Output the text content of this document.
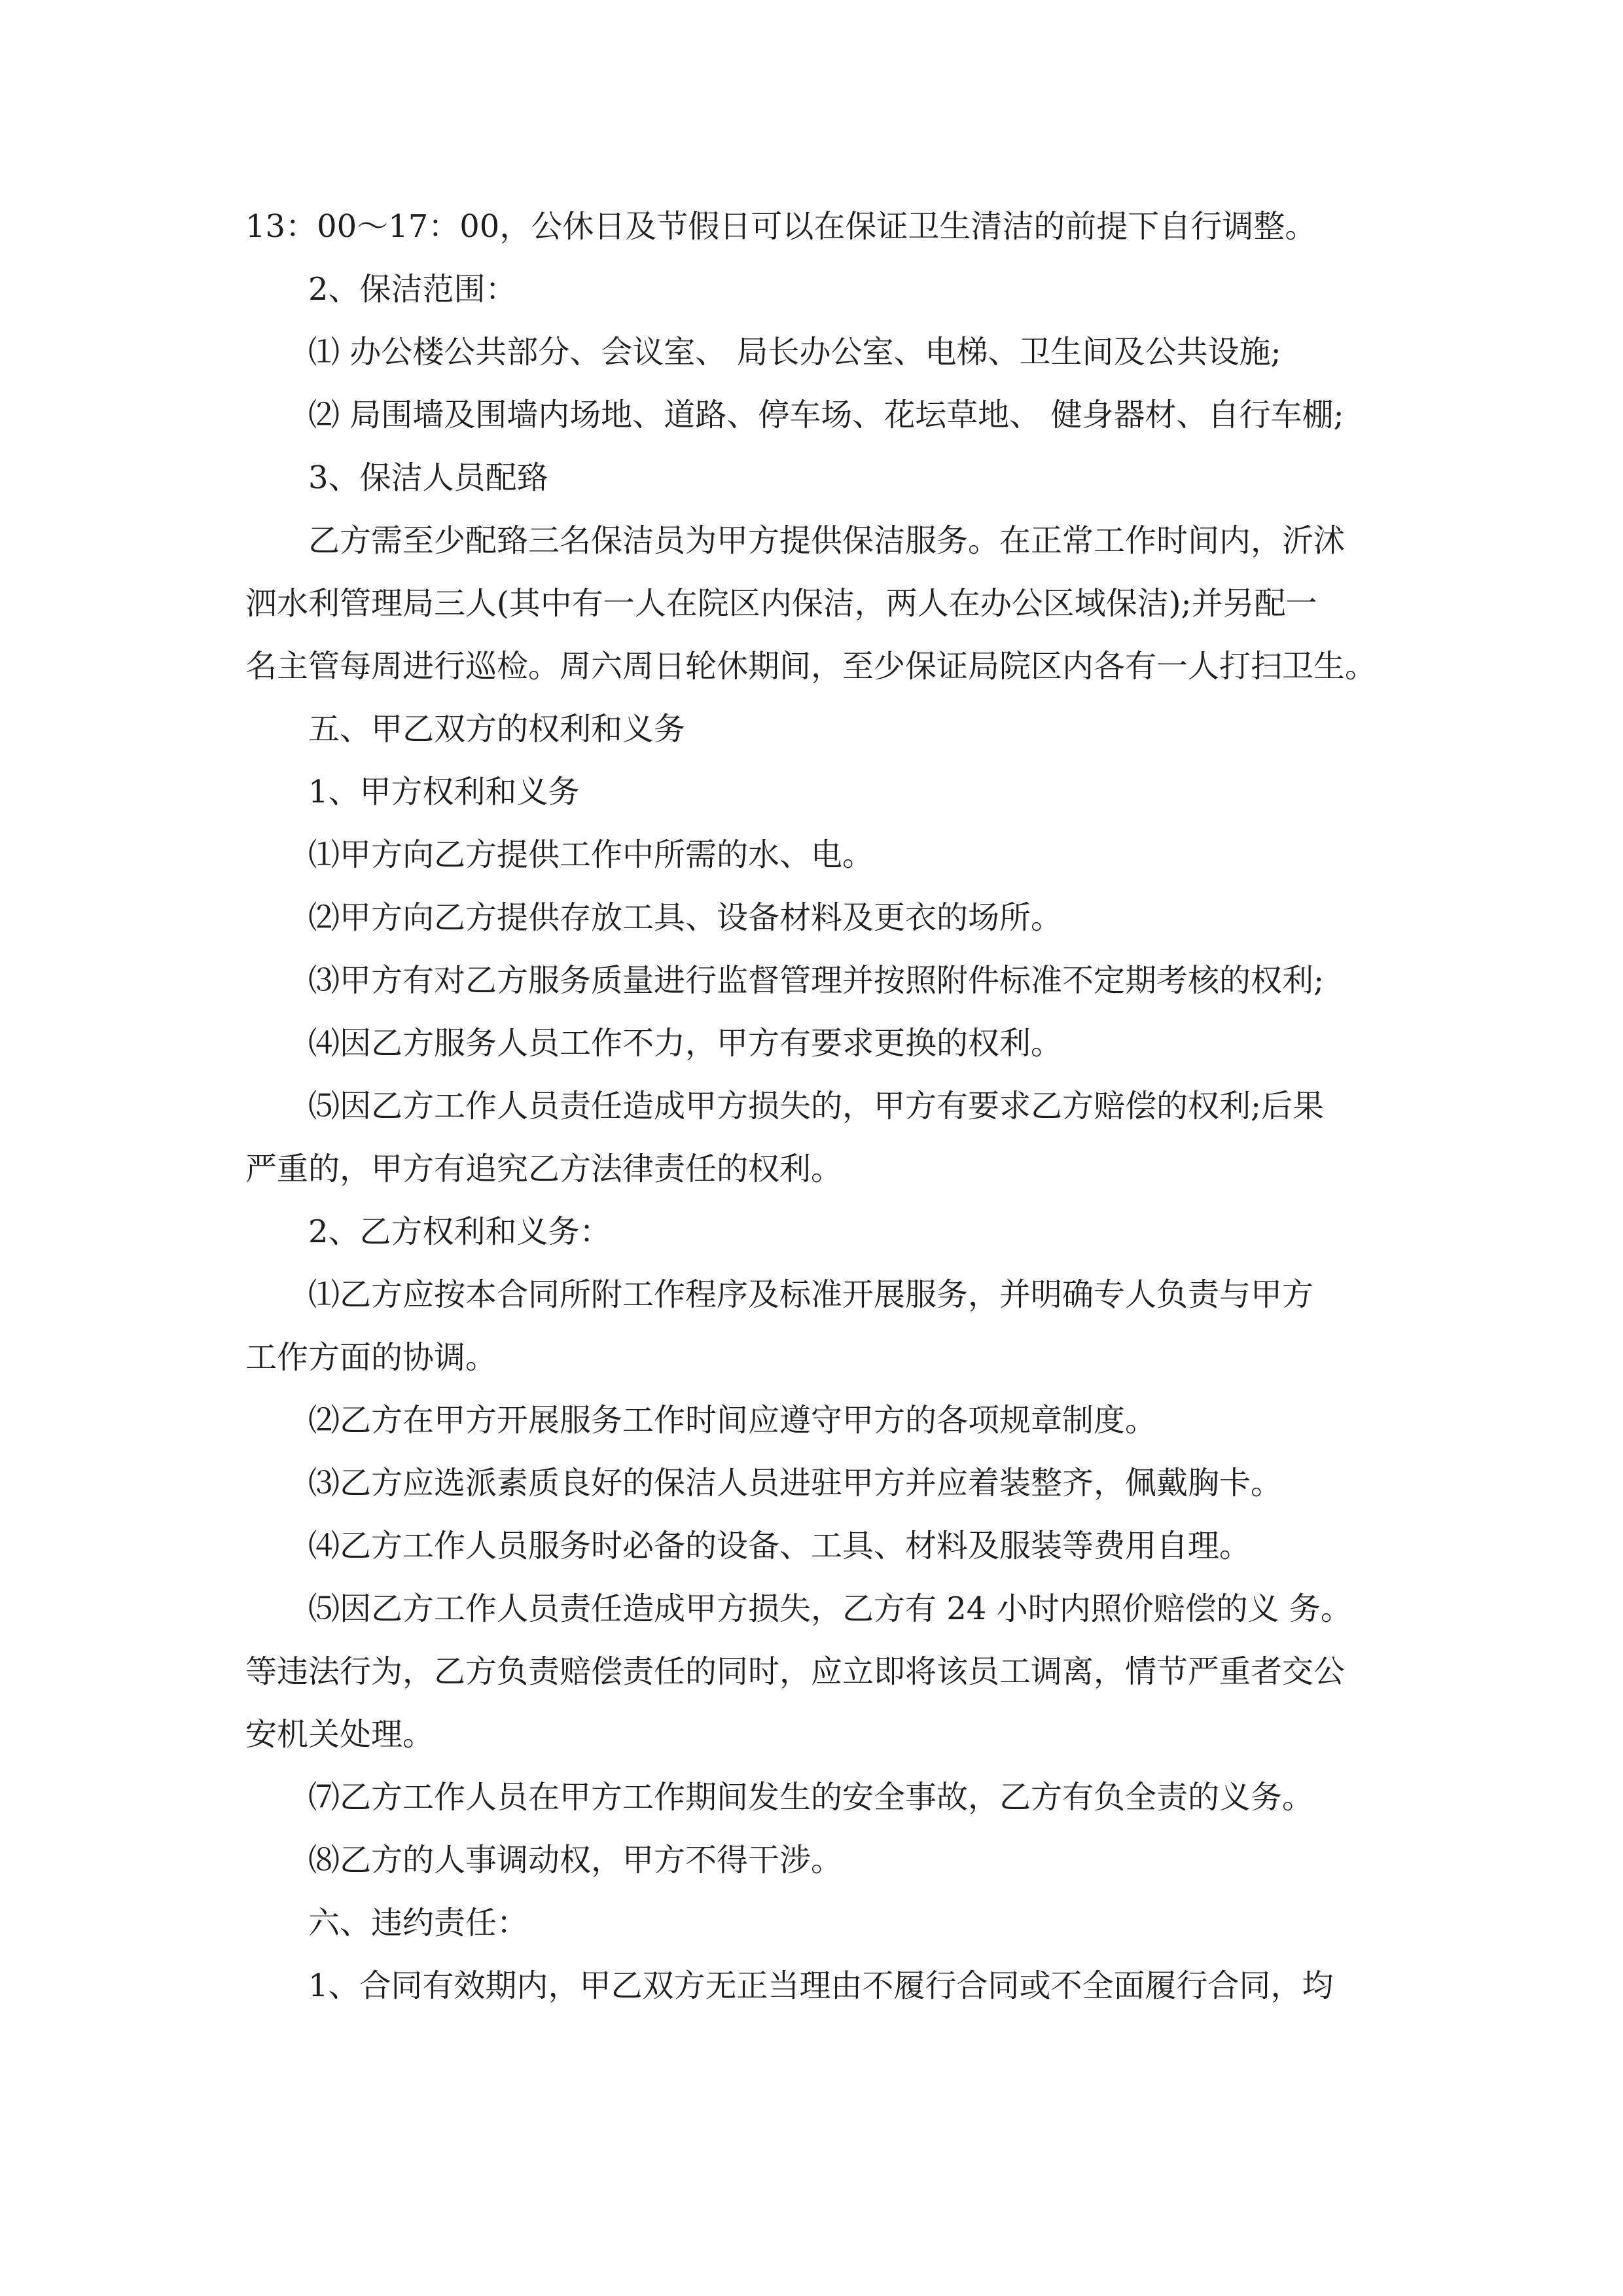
13：00～17：00，公休日及节假日可以在保证卫生清洁的前提下自行调整。
2、保洁范围：
⑴ 办公楼公共部分、会议室、 局长办公室、电梯、卫生间及公共设施;
⑵ 局围墙及围墙内场地、道路、停车场、花坛草地、 健身器材、自行车棚;
3、保洁人员配臵
乙方需至少配臵三名保洁员为甲方提供保洁服务。在正常工作时间内，沂沭
泗水利管理局三人(其中有一人在院区内保洁，两人在办公区域保洁);并另配一
名主管每周进行巡检。周六周日轮休期间，至少保证局院区内各有一人打扫卫生。
五、甲乙双方的权利和义务
1、甲方权利和义务
⑴甲方向乙方提供工作中所需的水、电。
⑵甲方向乙方提供存放工具、设备材料及更衣的场所。
⑶甲方有对乙方服务质量进行监督管理并按照附件标准不定期考核的权利;
⑷因乙方服务人员工作不力，甲方有要求更换的权利。
⑸因乙方工作人员责任造成甲方损失的，甲方有要求乙方赔偿的权利;后果
严重的，甲方有追究乙方法律责任的权利。
2、乙方权利和义务：
⑴乙方应按本合同所附工作程序及标准开展服务，并明确专人负责与甲方
工作方面的协调。
⑵乙方在甲方开展服务工作时间应遵守甲方的各项规章制度。
⑶乙方应选派素质良好的保洁人员进驻甲方并应着装整齐，佩戴胸卡。
⑷乙方工作人员服务时必备的设备、工具、材料及服装等费用自理。
⑸因乙方工作人员责任造成甲方损失，乙方有 24 小时内照价赔偿的义 务。
等违法行为，乙方负责赔偿责任的同时，应立即将该员工调离，情节严重者交公
安机关处理。
⑺乙方工作人员在甲方工作期间发生的安全事故，乙方有负全责的义务。
⑻乙方的人事调动权，甲方不得干涉。
六、违约责任：
1、合同有效期内，甲乙双方无正当理由不履行合同或不全面履行合同，均
